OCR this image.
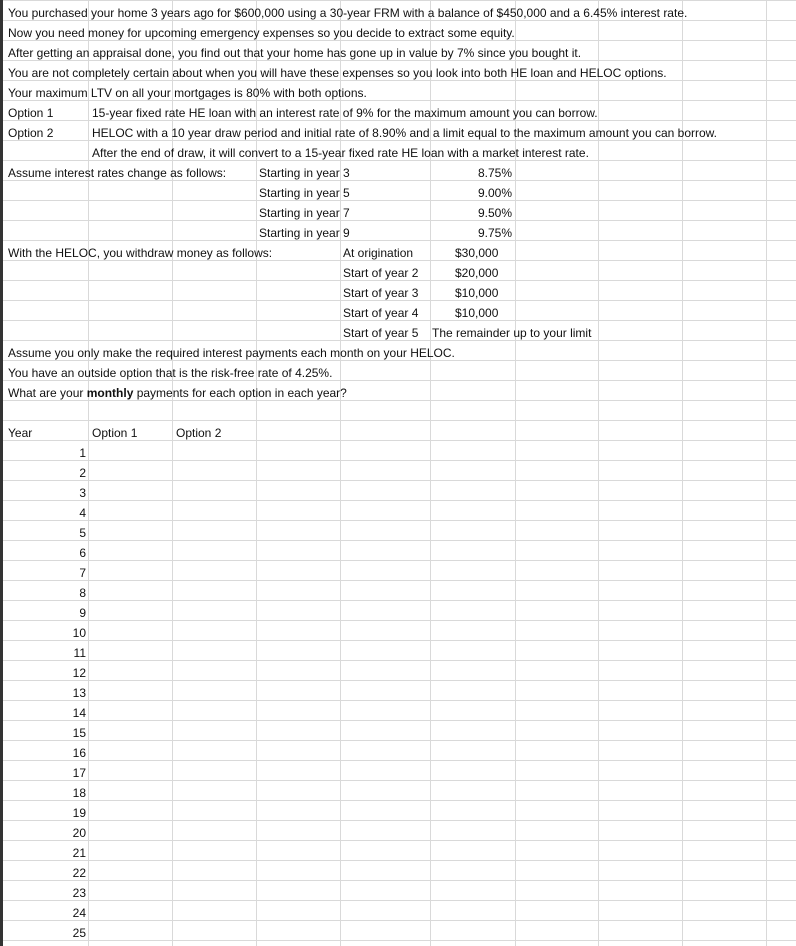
You purchased your home 3 years ago for $600,000 using a 30-year FRM with a balance of $450,000 and a 6.45% interest rate.
Now you need money for upcoming emergency expenses so you decide to extract some equity.
After getting an appraisal done, you find out that your home has gone up in value by 7% since you bought it.
You are not completely certain about when you will have these expenses so you look into both HE loan and HELOC options.
Your maximum LTV on all your mortgages is 80% with both options.
Option 1	15-year fixed rate HE loan with an interest rate of 9% for the maximum amount you can borrow.
Option 2	HELOC with a 10 year draw period and initial rate of 8.90% and a limit equal to the maximum amount you can borrow.
After the end of draw, it will convert to a 15-year fixed rate HE loan with a market interest rate.
Assume interest rates change as follows:	Starting in year 3	8.75%
Starting in year 5	9.00%
Starting in year 7	9.50%
Starting in year 9	9.75%
With the HELOC, you withdraw money as follows:	At origination	$30,000
Start of year 2	$20,000
Start of year 3	$10,000
Start of year 4	$10,000
Start of year 5 The remainder up to your limit
Assume you only make the required interest payments each month on your HELOC.
You have an outside option that is the risk-free rate of 4.25%.
What are your monthly payments for each option in each year?
Year	Option 1	Option 2
1
2
3
4
5
6
7
8
9
10
11
12
13
14
15
16
17
18
19
20
21
22
23
24
25
